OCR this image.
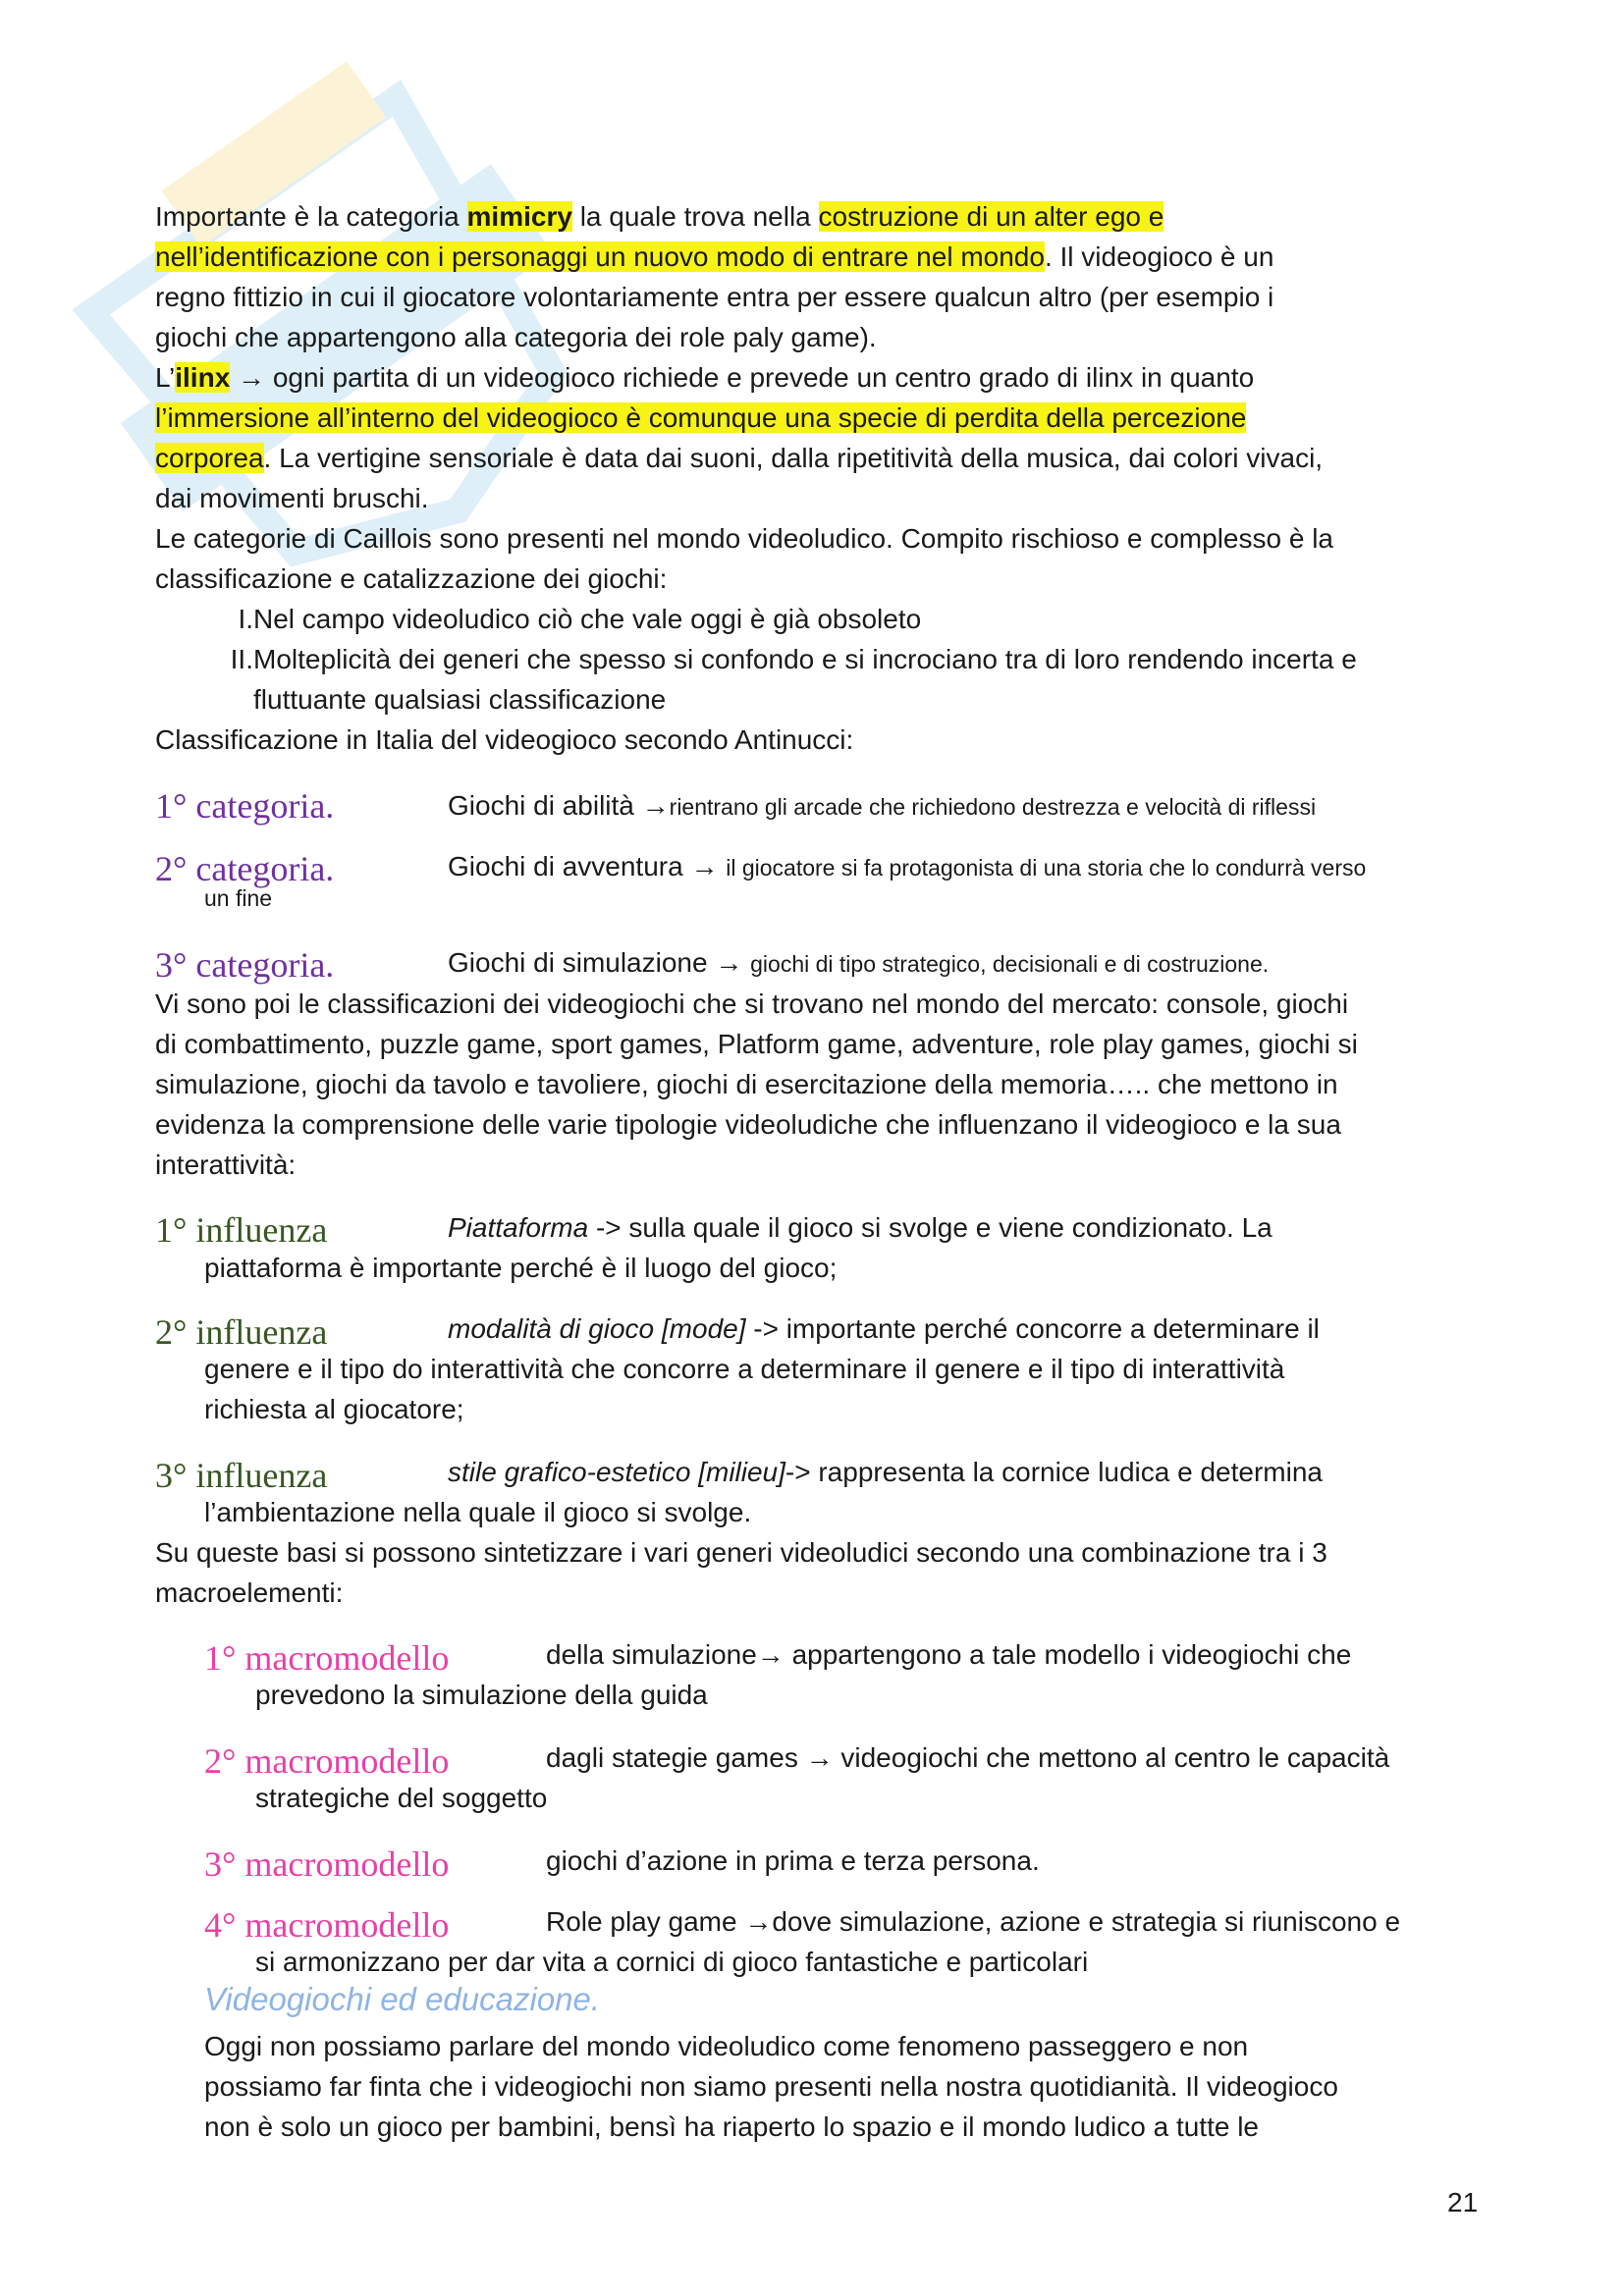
Importante è la categoria mimicry la quale trova nella costruzione di un alter ego e
nell’identificazione con i personaggi un nuovo modo di entrare nel mondo. Il videogioco è un
regno fittizio in cui il giocatore volontariamente entra per essere qualcun altro (per esempio i
giochi che appartengono alla categoria dei role paly game).
L’ilinx → ogni partita di un videogioco richiede e prevede un centro grado di ilinx in quanto
l’immersione all’interno del videogioco è comunque una specie di perdita della percezione
corporea. La vertigine sensoriale è data dai suoni, dalla ripetitività della musica, dai colori vivaci,
dai movimenti bruschi.
Le categorie di Caillois sono presenti nel mondo videoludico. Compito rischioso e complesso è la
classificazione e catalizzazione dei giochi:
I. Nel campo videoludico ciò che vale oggi è già obsoleto
II. Molteplicità dei generi che spesso si confondo e si incrociano tra di loro rendendo incerta e
fluttuante qualsiasi classificazione
Classificazione in Italia del videogioco secondo Antinucci:
1° categoria.	Giochi di abilità →rientrano gli arcade che richiedono destrezza e velocità di riflessi
2° categoria.	Giochi di avventura → il giocatore si fa protagonista di una storia che lo condurrà verso
un fine
3° categoria.	Giochi di simulazione → giochi di tipo strategico, decisionali e di costruzione.
Vi sono poi le classificazioni dei videogiochi che si trovano nel mondo del mercato: console, giochi
di combattimento, puzzle game, sport games, Platform game, adventure, role play games, giochi si
simulazione, giochi da tavolo e tavoliere, giochi di esercitazione della memoria….. che mettono in
evidenza la comprensione delle varie tipologie videoludiche che influenzano il videogioco e la sua
interattività:
1° influenza	Piattaforma -> sulla quale il gioco si svolge e viene condizionato. La
piattaforma è importante perché è il luogo del gioco;
2° influenza	modalità di gioco [mode] -> importante perché concorre a determinare il
genere e il tipo do interattività che concorre a determinare il genere e il tipo di interattività
richiesta al giocatore;
3° influenza	stile grafico-estetico [milieu]-> rappresenta la cornice ludica e determina
l’ambientazione nella quale il gioco si svolge.
Su queste basi si possono sintetizzare i vari generi videoludici secondo una combinazione tra i 3
macroelementi:
1° macromodello	della simulazione→ appartengono a tale modello i videogiochi che
prevedono la simulazione della guida
2° macromodello	dagli stategie games → videogiochi che mettono al centro le capacità
strategiche del soggetto
3° macromodello	giochi d’azione in prima e terza persona.
4° macromodello	Role play game →dove simulazione, azione e strategia si riuniscono e
si armonizzano per dar vita a cornici di gioco fantastiche e particolari
Videogiochi ed educazione.
Oggi non possiamo parlare del mondo videoludico come fenomeno passeggero e non
possiamo far finta che i videogiochi non siamo presenti nella nostra quotidianità. Il videogioco
non è solo un gioco per bambini, bensì ha riaperto lo spazio e il mondo ludico a tutte le
21
